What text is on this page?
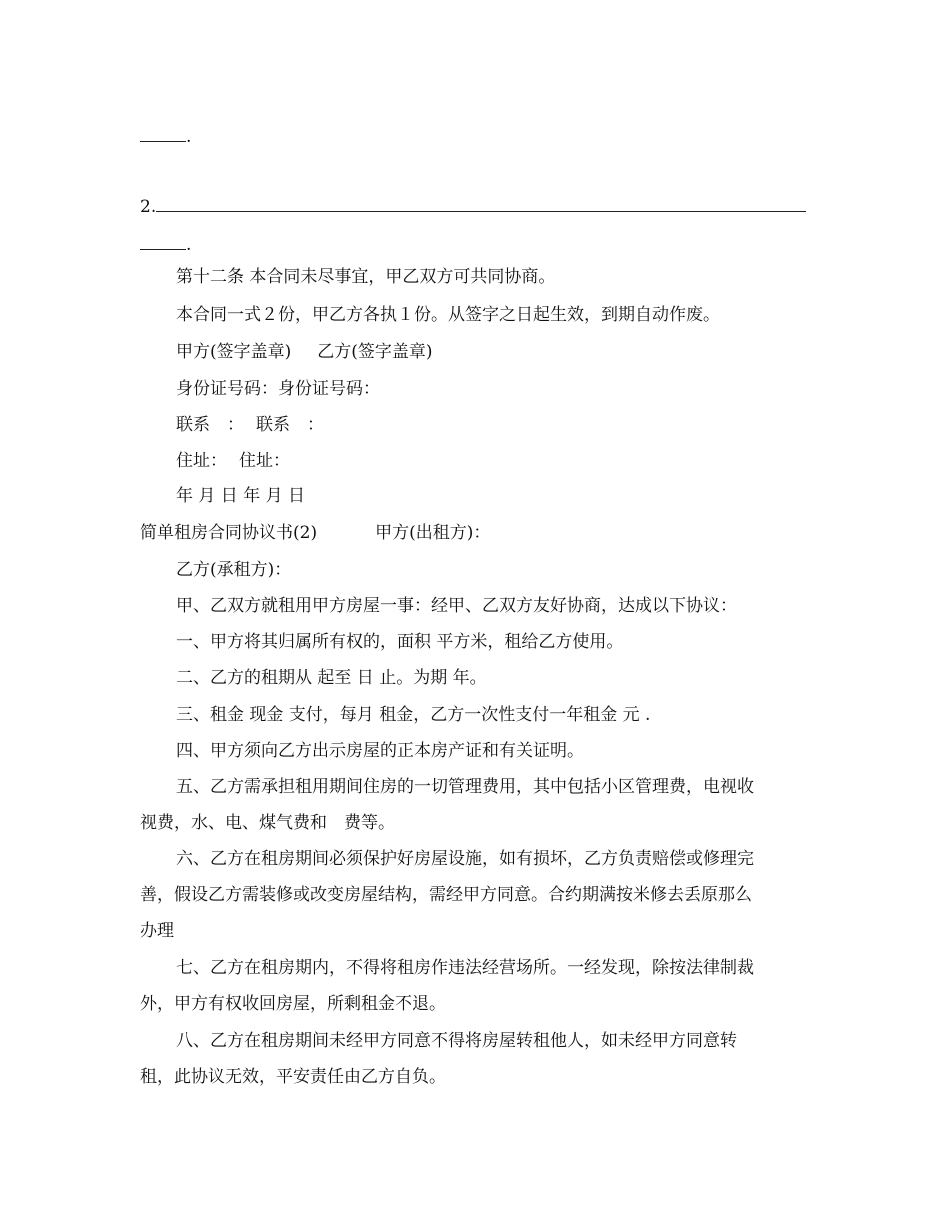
.
2.
.
第十二条 本合同未尽事宜，甲乙双方可共同协商。
本合同一式２份，甲乙方各执１份。从签字之日起生效，到期自动作废。
甲方(签字盖章) 乙方(签字盖章)
身份证号码：身份证号码：
联系　： 联系　：
住址： 住址：
年 月 日 年 月 日
简单租房合同协议书(2)	甲方(出租方)：
乙方(承租方)：
甲、乙双方就租用甲方房屋一事：经甲、乙双方友好协商，达成以下协议：
一、甲方将其归属所有权的，面积 平方米，租给乙方使用。
二、乙方的租期从 起至 日 止。为期 年。
三、租金 现金 支付，每月 租金，乙方一次性支付一年租金 元 .
四、甲方须向乙方出示房屋的正本房产证和有关证明。
五、乙方需承担租用期间住房的一切管理费用，其中包括小区管理费，电视收
视费，水、电、煤气费和　费等。
六、乙方在租房期间必须保护好房屋设施，如有损坏，乙方负责赔偿或修理完
善，假设乙方需装修或改变房屋结构，需经甲方同意。合约期满按米修去丢原那么
办理
七、乙方在租房期内，不得将租房作违法经营场所。一经发现，除按法律制裁
外，甲方有权收回房屋，所剩租金不退。
八、乙方在租房期间未经甲方同意不得将房屋转租他人，如未经甲方同意转
租，此协议无效，平安责任由乙方自负。
